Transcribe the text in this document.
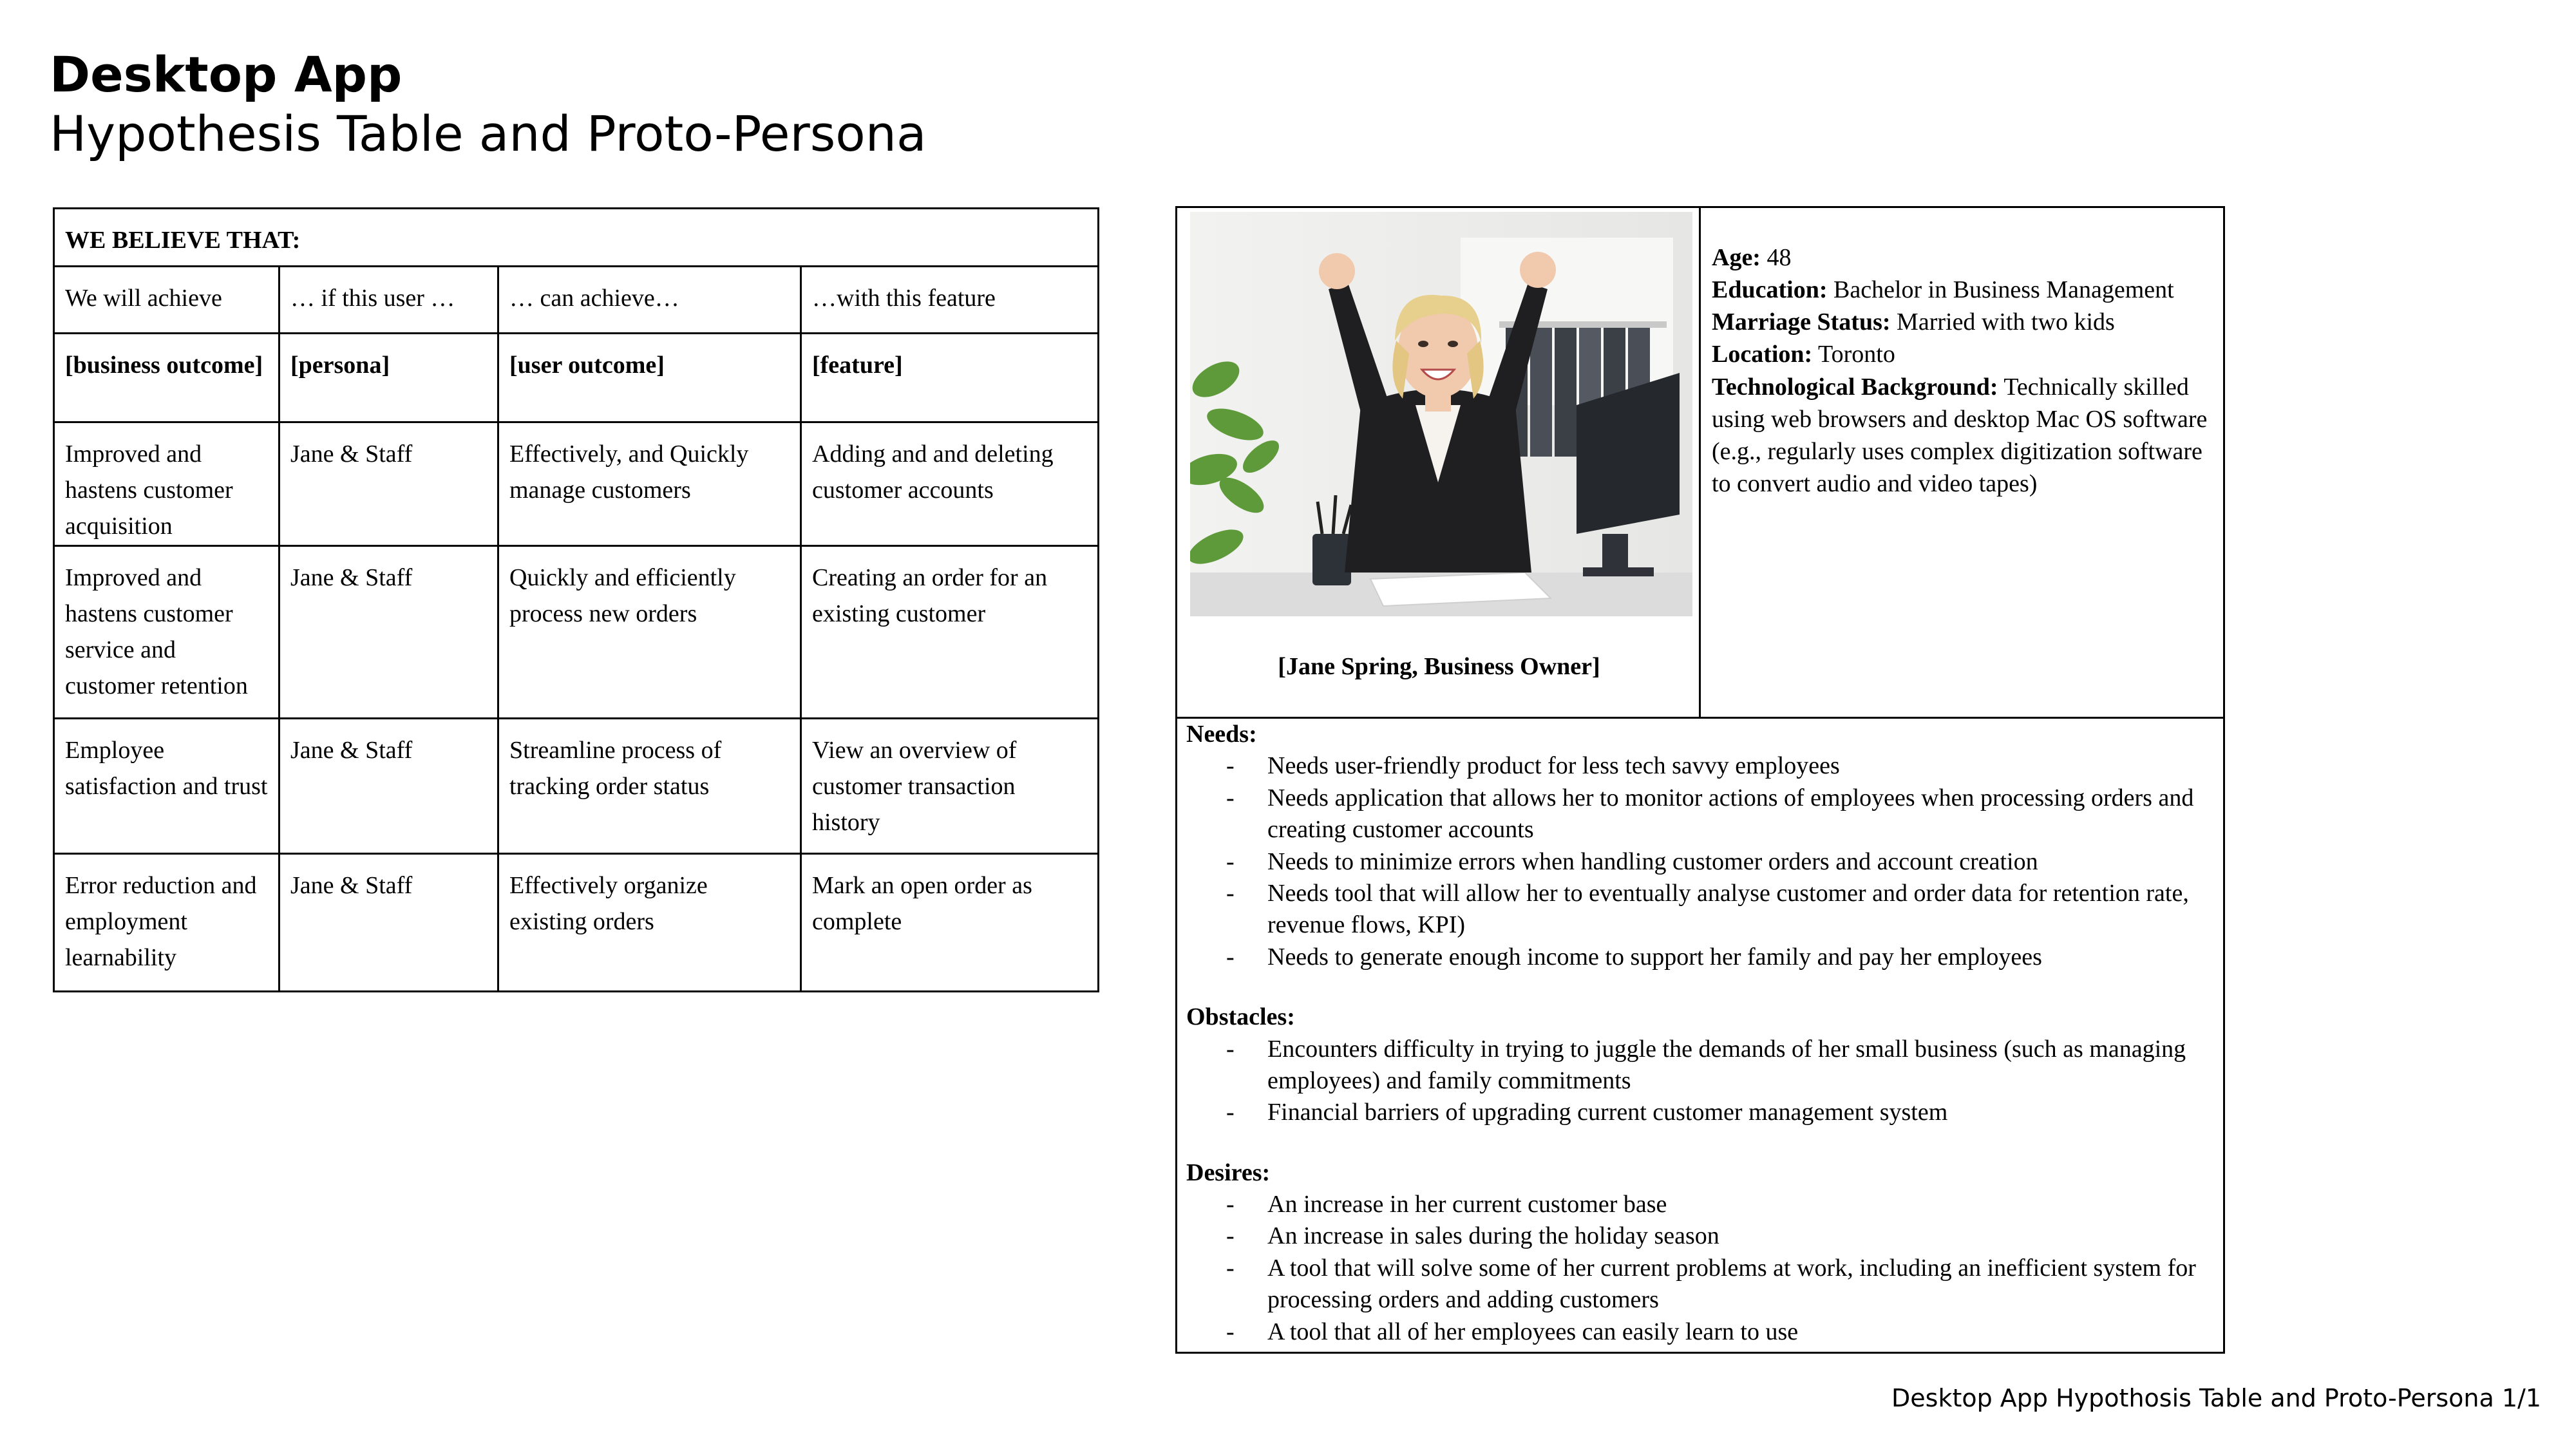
Desktop App
Hypothesis Table and Proto-Persona
WE BELIEVE THAT:			
We will achieve	… if this user …	… can achieve…	…with this feature
[business outcome]	[persona]	[user outcome]	[feature]
Improved and hastens customer acquisition	Jane & Staff	Effectively, and Quickly manage customers	Adding and and deleting customer accounts
Improved and hastens customer service and customer retention	Jane & Staff	Quickly and efficiently process new orders	Creating an order for an existing customer
Employee satisfaction and trust	Jane & Staff	Streamline process of tracking order status	View an overview of customer transaction history
Error reduction and employment learnability	Jane & Staff	Effectively organize existing orders	Mark an open order as complete
[Jane Spring, Business Owner]

Age: 48

Education: Bachelor in Business Management

Marriage Status: Married with two kids

Location: Toronto

Technological Background: Technically skilled using web browsers and desktop Mac OS software (e.g., regularly uses complex digitization software to convert audio and video tapes)

Needs:

- Needs user-friendly product for less tech savvy employees
- Needs application that allows her to monitor actions of employees when processing orders and creating customer accounts
- Needs to minimize errors when handling customer orders and account creation
- Needs tool that will allow her to eventually analyse customer and order data for retention rate, revenue flows, KPI)
- Needs to generate enough income to support her family and pay her employees

Obstacles:

- Encounters difficulty in trying to juggle the demands of her small business (such as managing employees) and family commitments
- Financial barriers of upgrading current customer management system

Desires:

- An increase in her current customer base
- An increase in sales during the holiday season
- A tool that will solve some of her current problems at work, including an inefficient system for processing orders and adding customers
- A tool that all of her employees can easily learn to use
Desktop App Hypothosis Table and Proto-Persona 1/1
